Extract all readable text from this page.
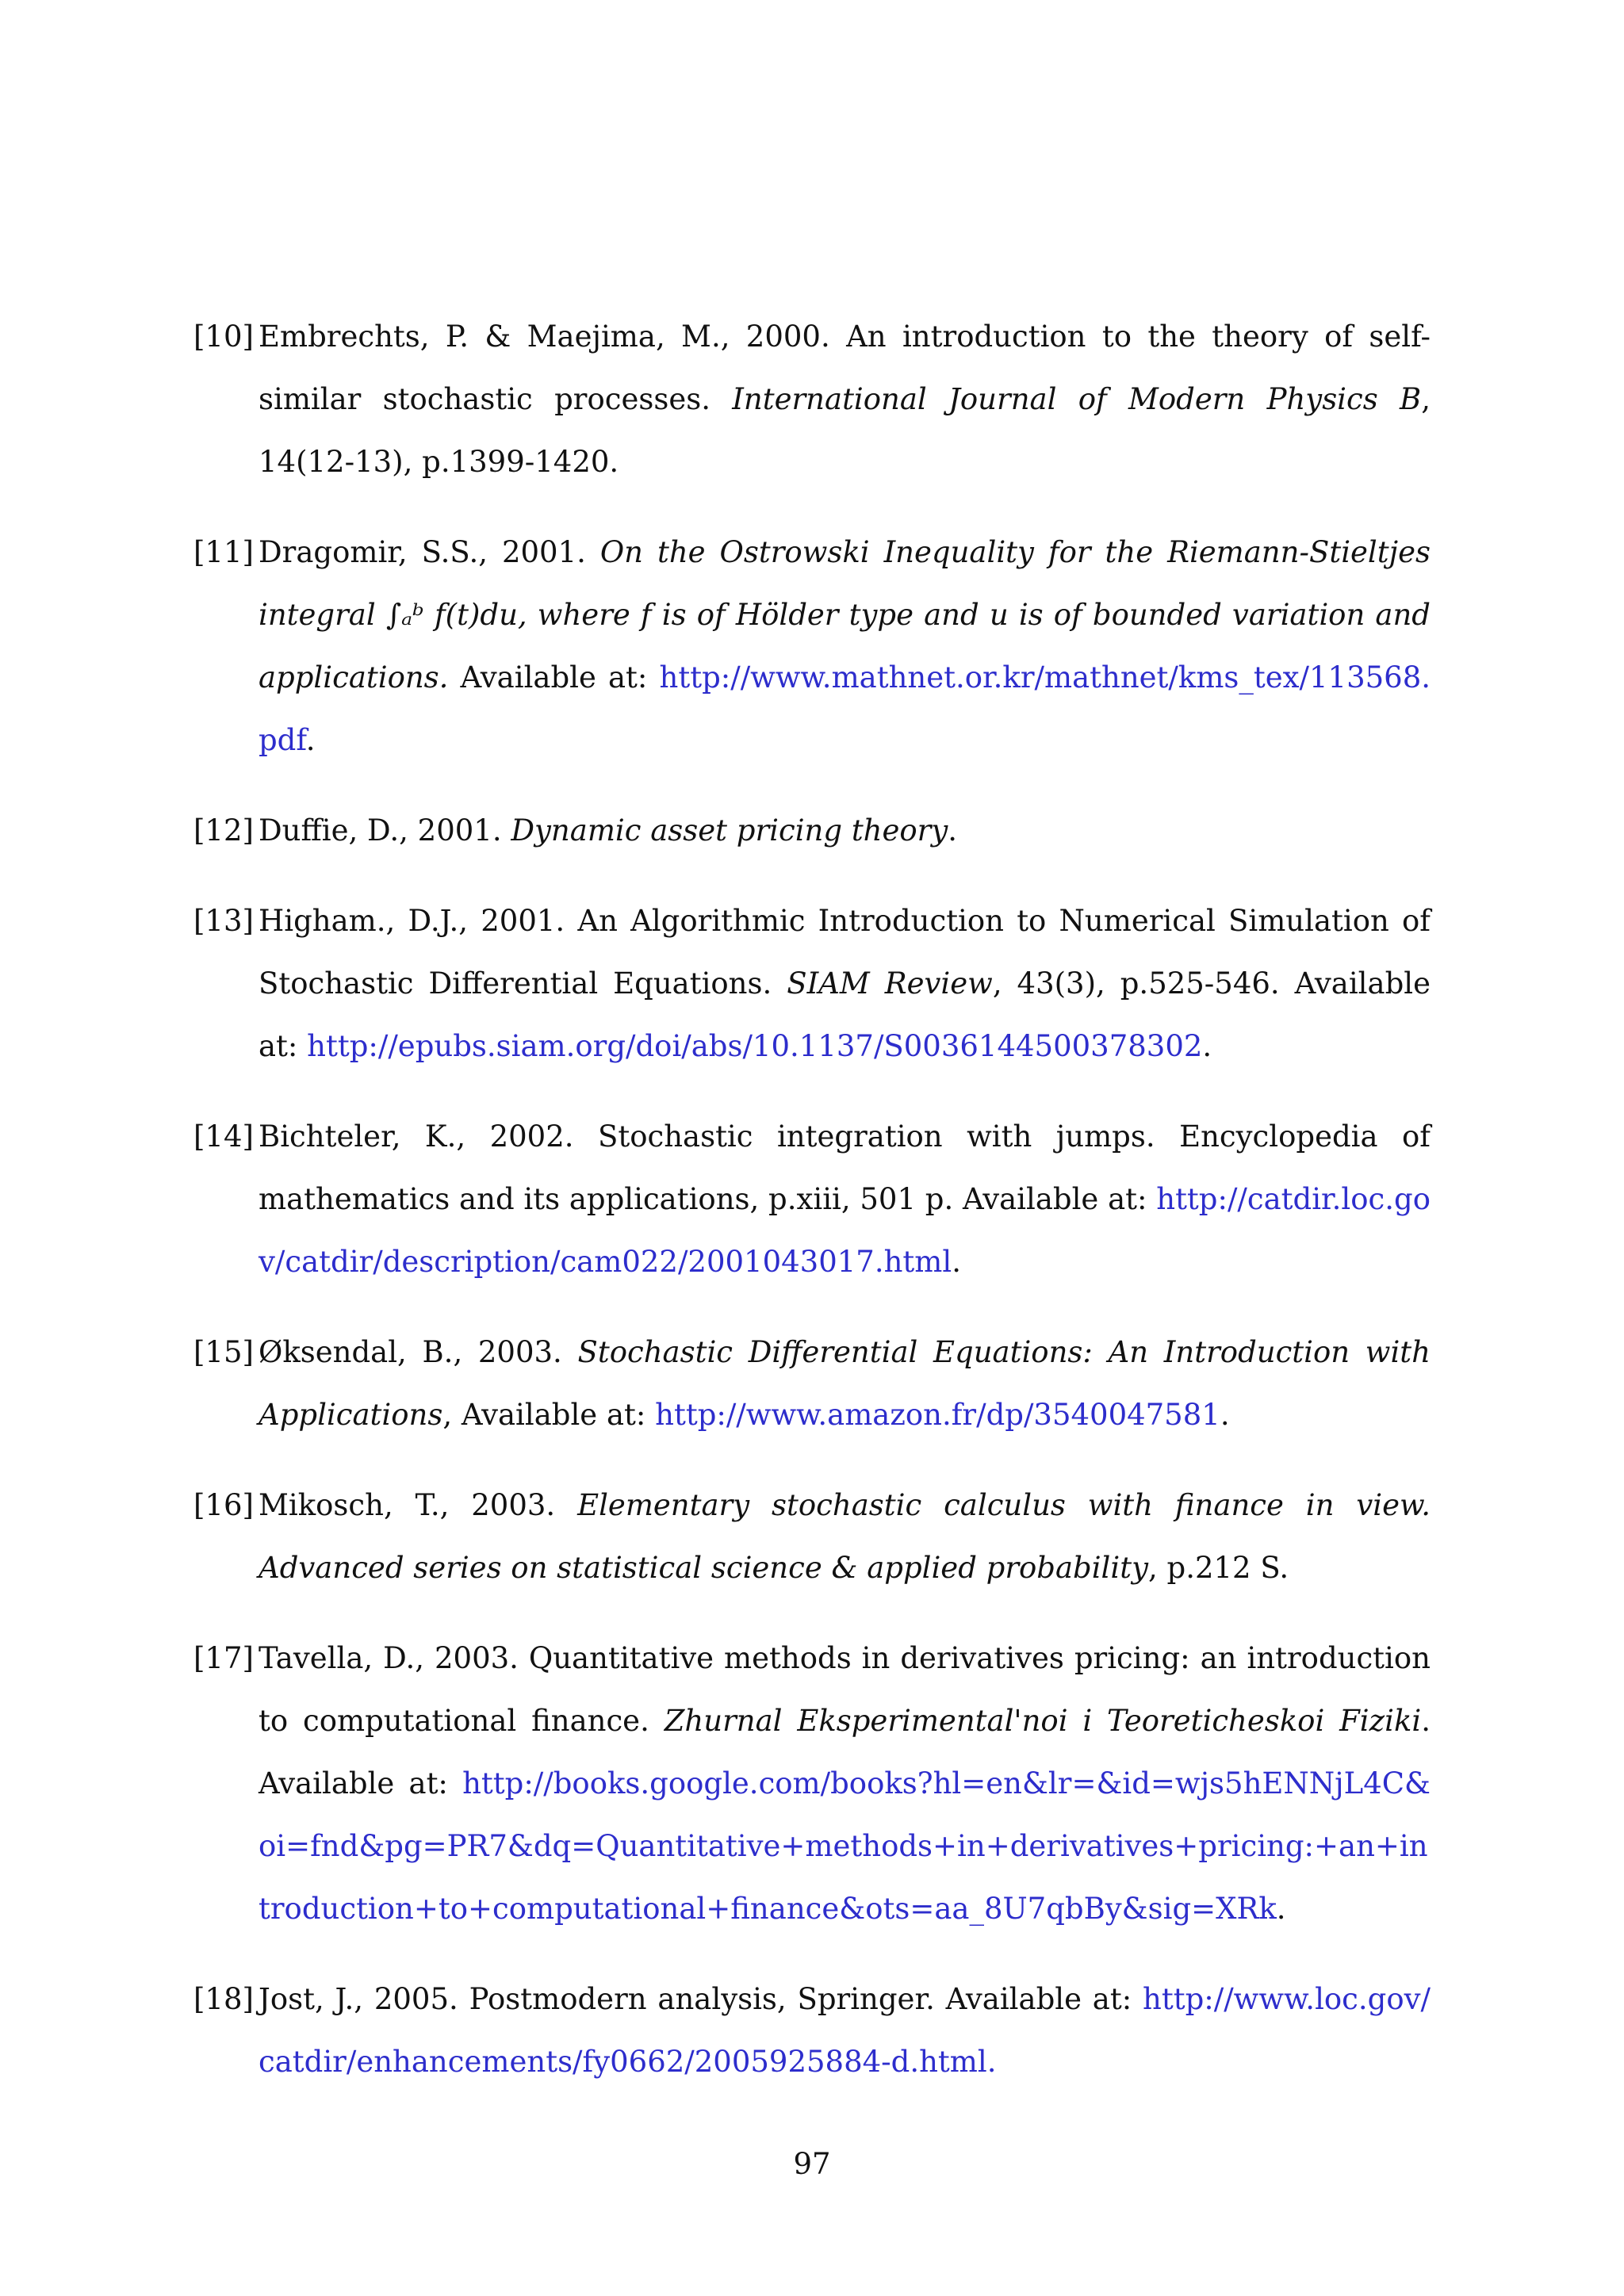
[10] Embrechts, P. & Maejima, M., 2000. An introduction to the theory of self-similar stochastic processes. International Journal of Modern Physics B, 14(12-13), p.1399-1420.
[11] Dragomir, S.S., 2001. On the Ostrowski Inequality for the Riemann-Stieltjes integral ∫ₐᵇ f(t)du, where f is of Hölder type and u is of bounded variation and applications. Available at: http://www.mathnet.or.kr/mathnet/kms_tex/113568.pdf.
[12] Duffie, D., 2001. Dynamic asset pricing theory.
[13] Higham., D.J., 2001. An Algorithmic Introduction to Numerical Simulation of Stochastic Differential Equations. SIAM Review, 43(3), p.525-546. Available at: http://epubs.siam.org/doi/abs/10.1137/S0036144500378302.
[14] Bichteler, K., 2002. Stochastic integration with jumps. Encyclopedia of mathematics and its applications, p.xiii, 501 p. Available at: http://catdir.loc.gov/catdir/description/cam022/2001043017.html.
[15] Øksendal, B., 2003. Stochastic Differential Equations: An Introduction with Applications, Available at: http://www.amazon.fr/dp/3540047581.
[16] Mikosch, T., 2003. Elementary stochastic calculus with finance in view. Advanced series on statistical science & applied probability, p.212 S.
[17] Tavella, D., 2003. Quantitative methods in derivatives pricing: an introduction to computational finance. Zhurnal Eksperimental'noi i Teoreticheskoi Fiziki. Available at: http://books.google.com/books?hl=en&lr=&id=wjs5hENNjL4C&oi=fnd&pg=PR7&dq=Quantitative+methods+in+derivatives+pricing:+an+introduction+to+computational+finance&ots=aa_8U7qbBy&sig=XRk.
[18] Jost, J., 2005. Postmodern analysis, Springer. Available at: http://www.loc.gov/catdir/enhancements/fy0662/2005925884-d.html.
97
